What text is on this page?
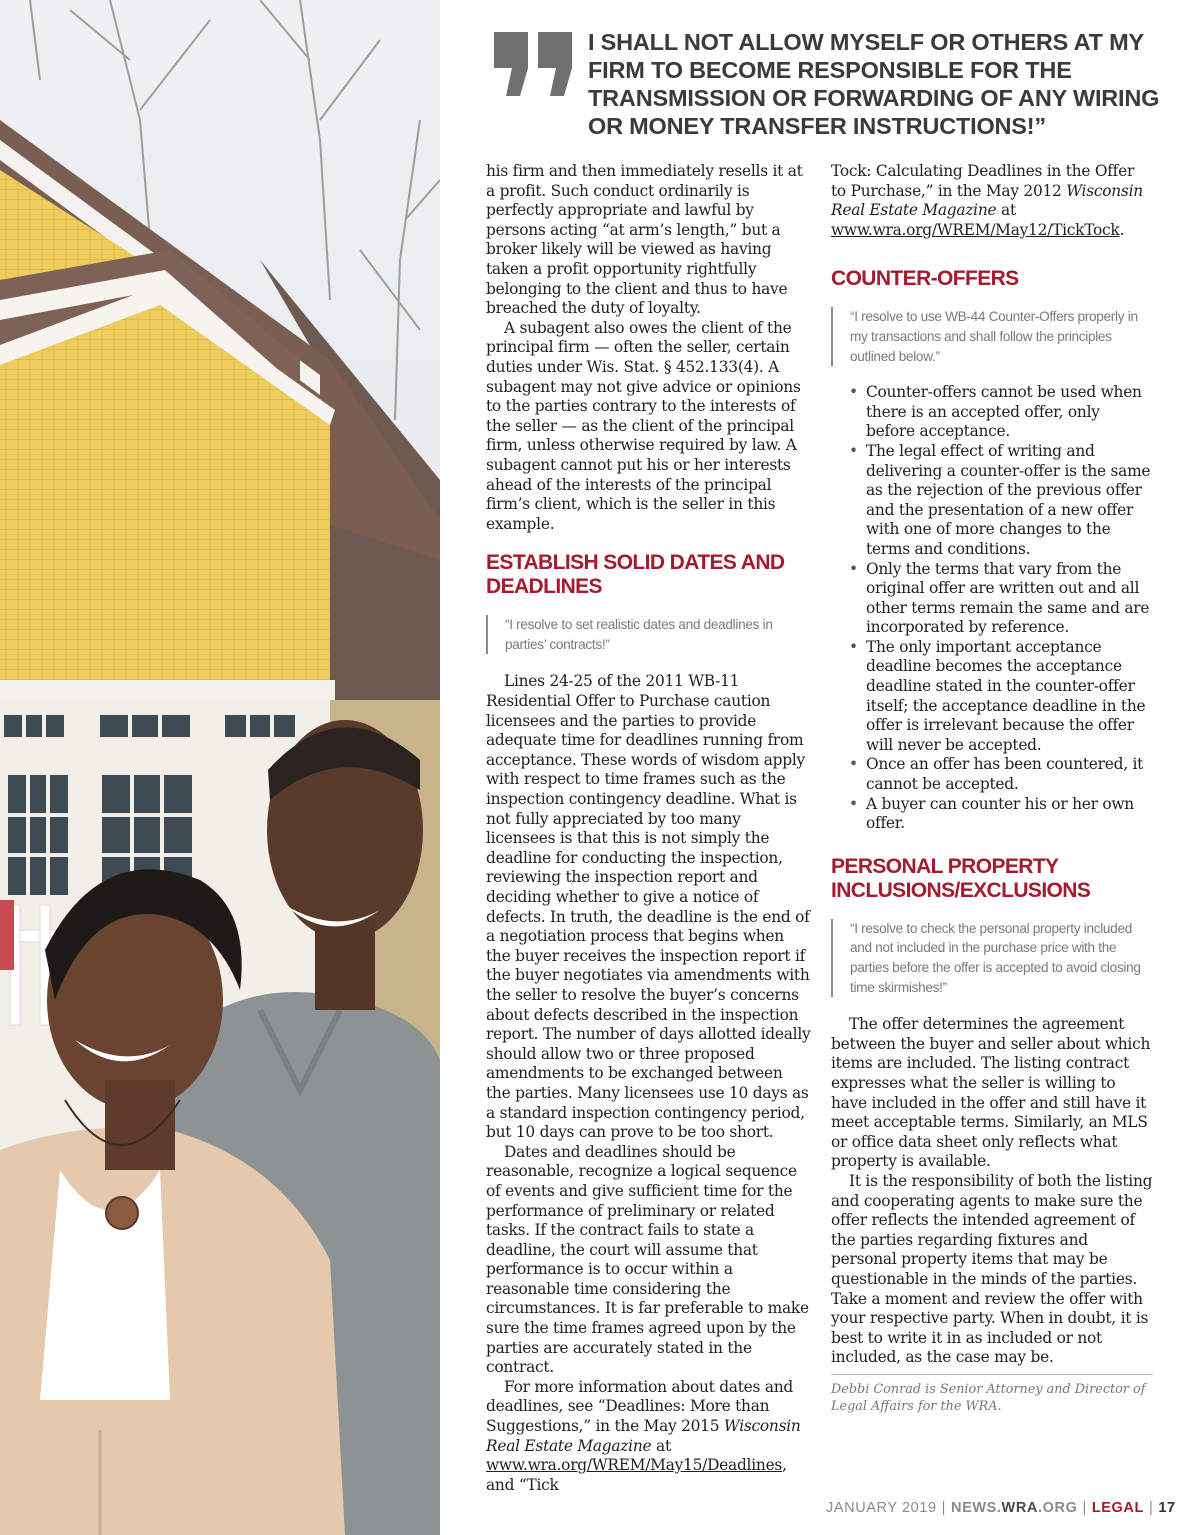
I SHALL NOT ALLOW MYSELF OR OTHERS AT MY FIRM TO BECOME RESPONSIBLE FOR THE TRANSMISSION OR FORWARDING OF ANY WIRING OR MONEY TRANSFER INSTRUCTIONS!”

his firm and then immediately resells it at a profit. Such conduct ordinarily is perfectly appropriate and lawful by persons acting “at arm’s length,” but a broker likely will be viewed as having taken a profit opportunity rightfully belonging to the client and thus to have breached the duty of loyalty.

A subagent also owes the client of the principal firm — often the seller, certain duties under Wis. Stat. § 452.133(4). A subagent may not give advice or opinions to the parties contrary to the interests of the seller — as the client of the principal firm, unless otherwise required by law. A subagent cannot put his or her interests ahead of the interests of the principal firm’s client, which is the seller in this example.

ESTABLISH SOLID DATES AND DEADLINES
“I resolve to set realistic dates and deadlines in parties’ contracts!”

Lines 24-25 of the 2011 WB-11 Residential Offer to Purchase caution licensees and the parties to provide adequate time for deadlines running from acceptance. These words of wisdom apply with respect to time frames such as the inspection contingency deadline. What is not fully appreciated by too many licensees is that this is not simply the deadline for conducting the inspection, reviewing the inspection report and deciding whether to give a notice of defects. In truth, the deadline is the end of a negotiation process that begins when the buyer receives the inspection report if the buyer negotiates via amendments with the seller to resolve the buyer’s concerns about defects described in the inspection report. The number of days allotted ideally should allow two or three proposed amendments to be exchanged between the parties. Many licensees use 10 days as a standard inspection contingency period, but 10 days can prove to be too short.

Dates and deadlines should be reasonable, recognize a logical sequence of events and give sufficient time for the performance of preliminary or related tasks. If the contract fails to state a deadline, the court will assume that performance is to occur within a reasonable time considering the circumstances. It is far preferable to make sure the time frames agreed upon by the parties are accurately stated in the contract.

For more information about dates and deadlines, see “Deadlines: More than Suggestions,” in the May 2015 Wisconsin Real Estate Magazine at www.wra.org/WREM/May15/Deadlines, and “Tick

Tock: Calculating Deadlines in the Offer to Purchase,” in the May 2012 Wisconsin Real Estate Magazine at www.wra.org/WREM/May12/TickTock.

COUNTER-OFFERS
“I resolve to use WB-44 Counter-Offers properly in my transactions and shall follow the principles outlined below.”
• Counter-offers cannot be used when there is an accepted offer, only before acceptance.
• The legal effect of writing and delivering a counter-offer is the same as the rejection of the previous offer and the presentation of a new offer with one of more changes to the terms and conditions.
• Only the terms that vary from the original offer are written out and all other terms remain the same and are incorporated by reference.
• The only important acceptance deadline becomes the acceptance deadline stated in the counter-offer itself; the acceptance deadline in the offer is irrelevant because the offer will never be accepted.
• Once an offer has been countered, it cannot be accepted.
• A buyer can counter his or her own offer.
PERSONAL PROPERTY INCLUSIONS/EXCLUSIONS
“I resolve to check the personal property included and not included in the purchase price with the parties before the offer is accepted to avoid closing time skirmishes!”

The offer determines the agreement between the buyer and seller about which items are included. The listing contract expresses what the seller is willing to have included in the offer and still have it meet acceptable terms. Similarly, an MLS or office data sheet only reflects what property is available.

It is the responsibility of both the listing and cooperating agents to make sure the offer reflects the intended agreement of the parties regarding fixtures and personal property items that may be questionable in the minds of the parties. Take a moment and review the offer with your respective party. When in doubt, it is best to write it in as included or not included, as the case may be.

Debbi Conrad is Senior Attorney and Director of Legal Affairs for the WRA.
JANUARY 2019 | NEWS.WRA.ORG | LEGAL | 17
